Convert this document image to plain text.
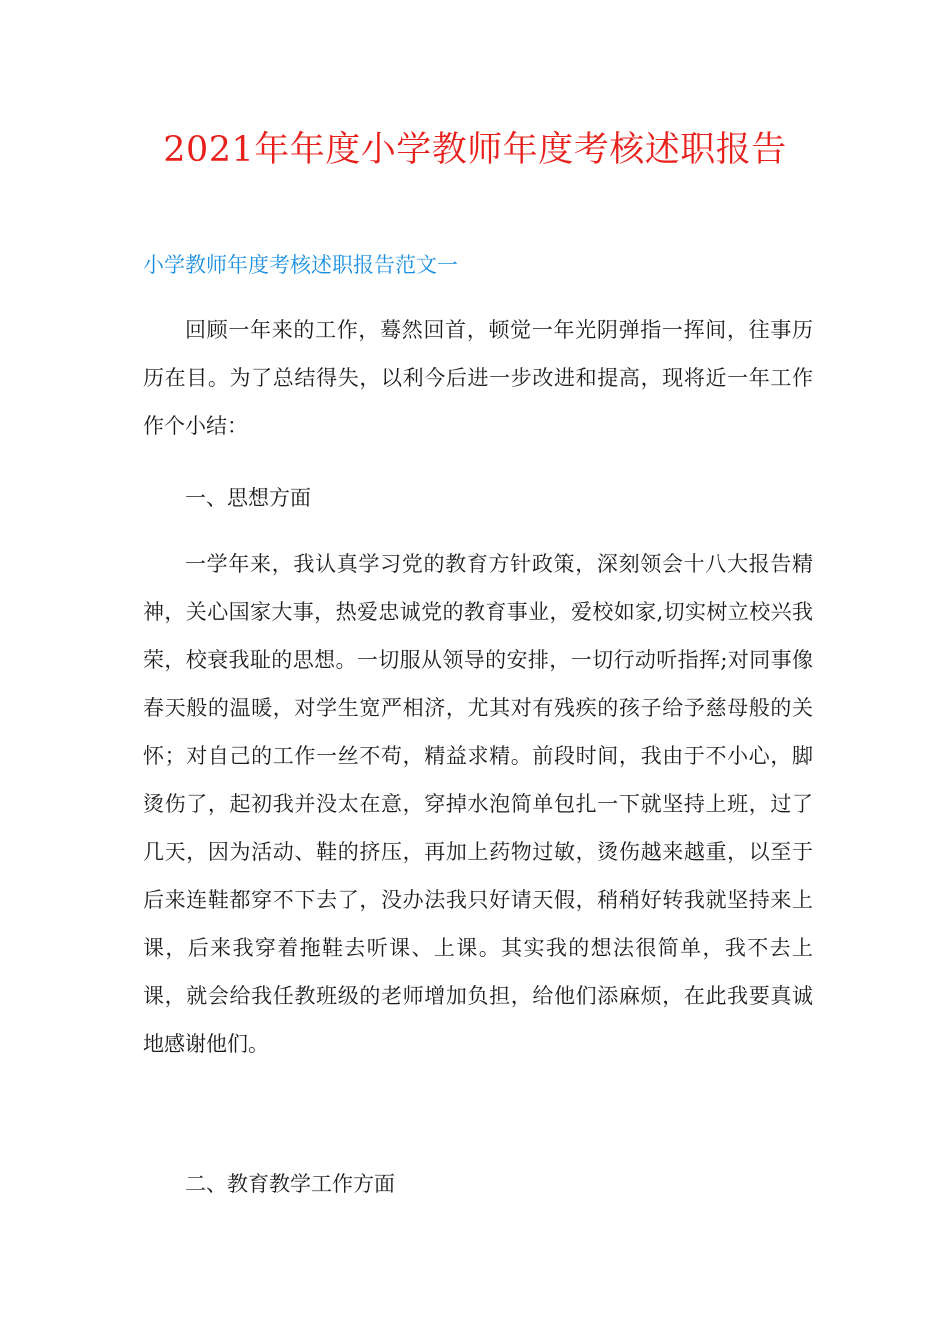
2021年年度小学教师年度考核述职报告
小学教师年度考核述职报告范文一

回顾一年来的工作，蓦然回首，顿觉一年光阴弹指一挥间，往事历历在目。为了总结得失，以利今后进一步改进和提高，现将近一年工作作个小结：

一、思想方面

一学年来，我认真学习党的教育方针政策，深刻领会十八大报告精神，关心国家大事，热爱忠诚党的教育事业，爱校如家,切实树立校兴我荣，校衰我耻的思想。一切服从领导的安排，一切行动听指挥;对同事像春天般的温暖，对学生宽严相济，尤其对有残疾的孩子给予慈母般的关怀；对自己的工作一丝不苟，精益求精。前段时间，我由于不小心，脚烫伤了，起初我并没太在意，穿掉水泡简单包扎一下就坚持上班，过了几天，因为活动、鞋的挤压，再加上药物过敏，烫伤越来越重，以至于后来连鞋都穿不下去了，没办法我只好请天假，稍稍好转我就坚持来上课，后来我穿着拖鞋去听课、上课。其实我的想法很简单，我不去上课，就会给我任教班级的老师增加负担，给他们添麻烦，在此我要真诚地感谢他们。

二、教育教学工作方面
